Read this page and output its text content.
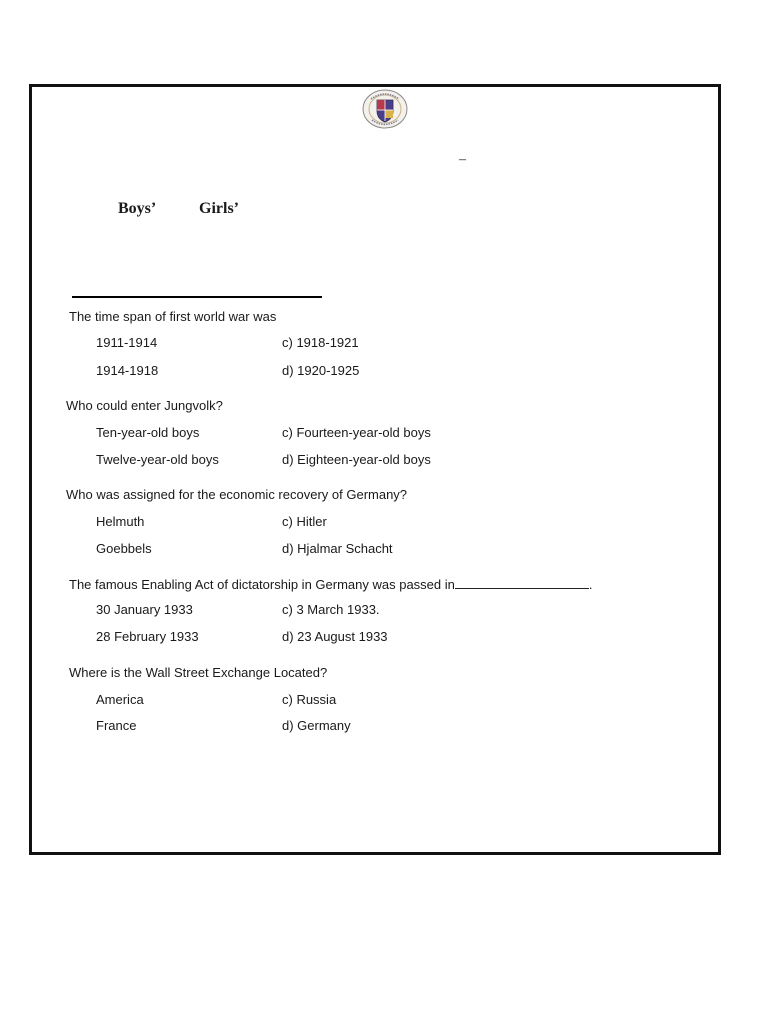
–
Boys’	Girls’
The time span of first world war was
1911-1914	c) 1918-1921
1914-1918	d) 1920-1925
Who could enter Jungvolk?
Ten-year-old boys	c) Fourteen-year-old boys
Twelve-year-old boys	d) Eighteen-year-old boys
Who was assigned for the economic recovery of Germany?
Helmuth	c) Hitler
Goebbels	d) Hjalmar Schacht
The famous Enabling Act of dictatorship in Germany was passed in	.
30 January 1933	c) 3 March 1933.
28 February 1933	d) 23 August 1933
Where is the Wall Street Exchange Located?
America	c) Russia
France	d) Germany
